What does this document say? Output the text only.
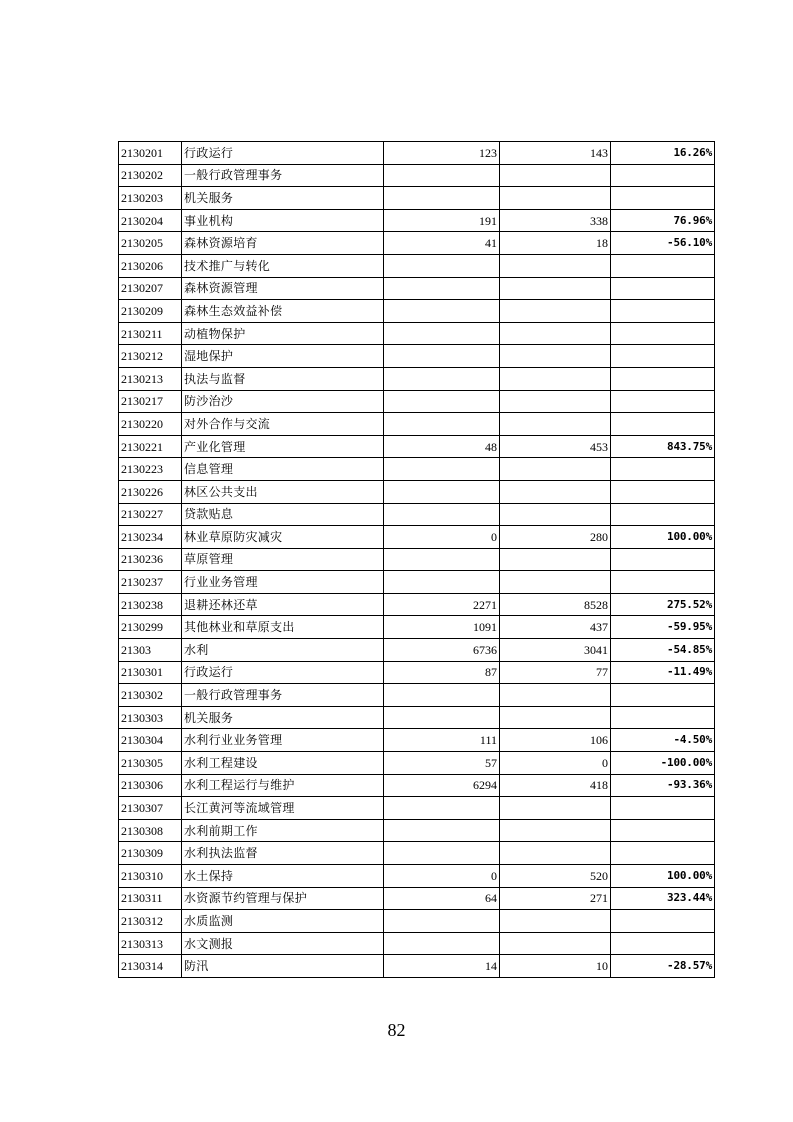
2130201	行政运行	123	143	16.26%
2130202	一般行政管理事务			
2130203	机关服务			
2130204	事业机构	191	338	76.96%
2130205	森林资源培育	41	18	-56.10%
2130206	技术推广与转化			
2130207	森林资源管理			
2130209	森林生态效益补偿			
2130211	动植物保护			
2130212	湿地保护			
2130213	执法与监督			
2130217	防沙治沙			
2130220	对外合作与交流			
2130221	产业化管理	48	453	843.75%
2130223	信息管理			
2130226	林区公共支出			
2130227	贷款贴息			
2130234	林业草原防灾减灾	0	280	100.00%
2130236	草原管理			
2130237	行业业务管理			
2130238	退耕还林还草	2271	8528	275.52%
2130299	其他林业和草原支出	1091	437	-59.95%
21303	水利	6736	3041	-54.85%
2130301	行政运行	87	77	-11.49%
2130302	一般行政管理事务			
2130303	机关服务			
2130304	水利行业业务管理	111	106	-4.50%
2130305	水利工程建设	57	0	-100.00%
2130306	水利工程运行与维护	6294	418	-93.36%
2130307	长江黄河等流域管理			
2130308	水利前期工作			
2130309	水利执法监督			
2130310	水土保持	0	520	100.00%
2130311	水资源节约管理与保护	64	271	323.44%
2130312	水质监测			
2130313	水文测报			
2130314	防汛	14	10	-28.57%
82
